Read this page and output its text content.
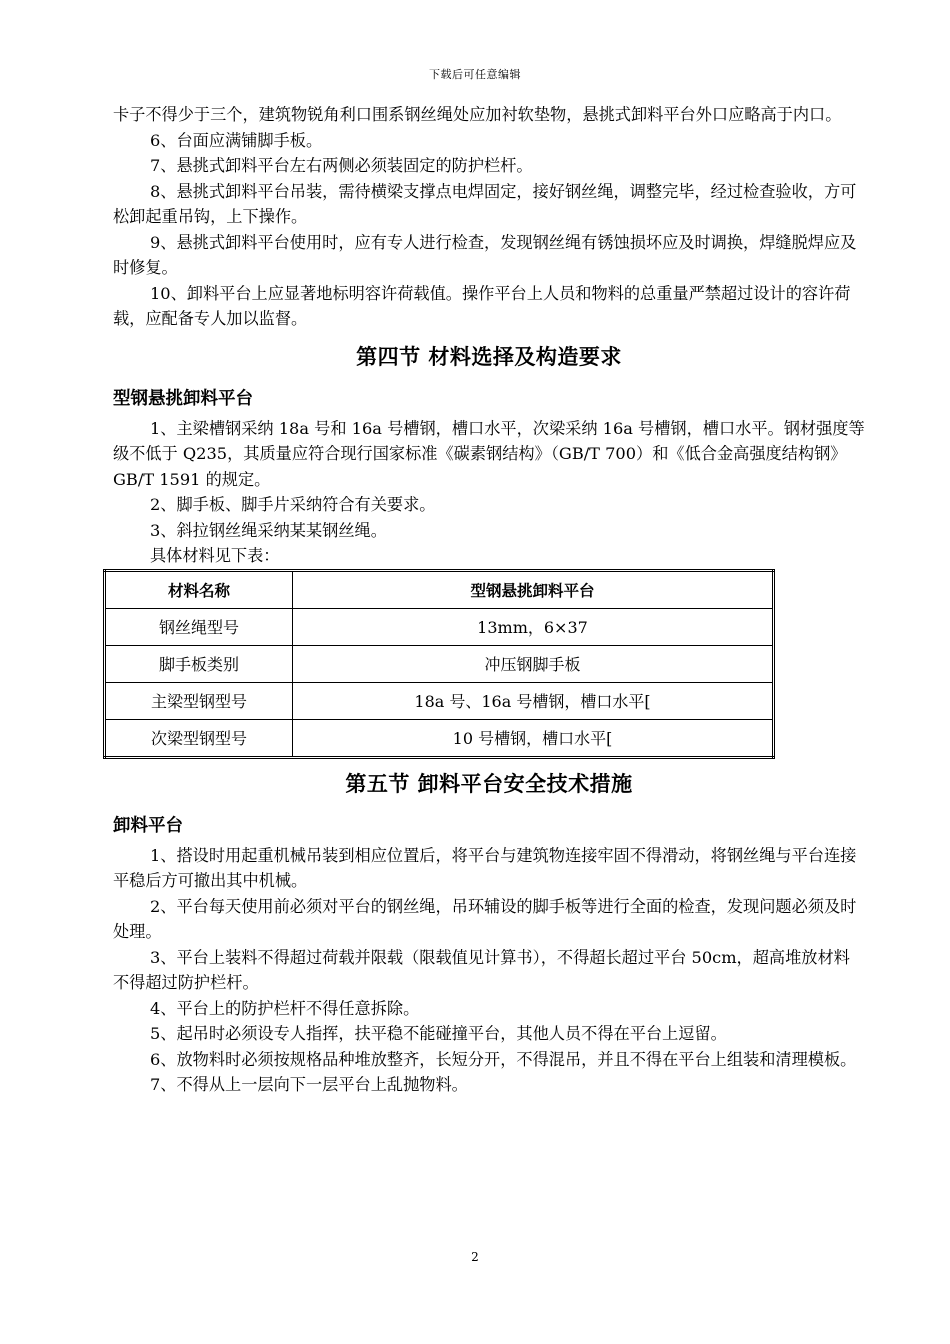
下载后可任意编辑

卡子不得少于三个，建筑物锐角利口围系钢丝绳处应加衬软垫物，悬挑式卸料平台外口应略高于内口。

6、台面应满铺脚手板。

7、悬挑式卸料平台左右两侧必须装固定的防护栏杆。

8、悬挑式卸料平台吊装，需待横梁支撑点电焊固定，接好钢丝绳，调整完毕，经过检查验收，方可松卸起重吊钩，上下操作。

9、悬挑式卸料平台使用时，应有专人进行检查，发现钢丝绳有锈蚀损坏应及时调换，焊缝脱焊应及时修复。

10、卸料平台上应显著地标明容许荷载值。操作平台上人员和物料的总重量严禁超过设计的容许荷载，应配备专人加以监督。

第四节 材料选择及构造要求
型钢悬挑卸料平台

1、主梁槽钢采纳 18a 号和 16a 号槽钢，槽口水平，次梁采纳 16a 号槽钢，槽口水平。钢材强度等级不低于 Q235，其质量应符合现行国家标准《碳素钢结构》（GB/T 700）和《低合金高强度结构钢》GB/T 1591 的规定。

2、脚手板、脚手片采纳符合有关要求。

3、斜拉钢丝绳采纳某某钢丝绳。

具体材料见下表：

材料名称	型钢悬挑卸料平台
钢丝绳型号	13mm，6×37
脚手板类别	冲压钢脚手板
主梁型钢型号	18a 号、16a 号槽钢，槽口水平[
次梁型钢型号	10 号槽钢，槽口水平[
第五节 卸料平台安全技术措施
卸料平台

1、搭设时用起重机械吊装到相应位置后，将平台与建筑物连接牢固不得滑动，将钢丝绳与平台连接平稳后方可撤出其中机械。

2、平台每天使用前必须对平台的钢丝绳，吊环辅设的脚手板等进行全面的检查，发现问题必须及时处理。

3、平台上装料不得超过荷载并限载（限载值见计算书），不得超长超过平台 50cm，超高堆放材料不得超过防护栏杆。

4、平台上的防护栏杆不得任意拆除。

5、起吊时必须设专人指挥，扶平稳不能碰撞平台，其他人员不得在平台上逗留。

6、放物料时必须按规格品种堆放整齐，长短分开，不得混吊，并且不得在平台上组装和清理模板。

7、不得从上一层向下一层平台上乱抛物料。

2
